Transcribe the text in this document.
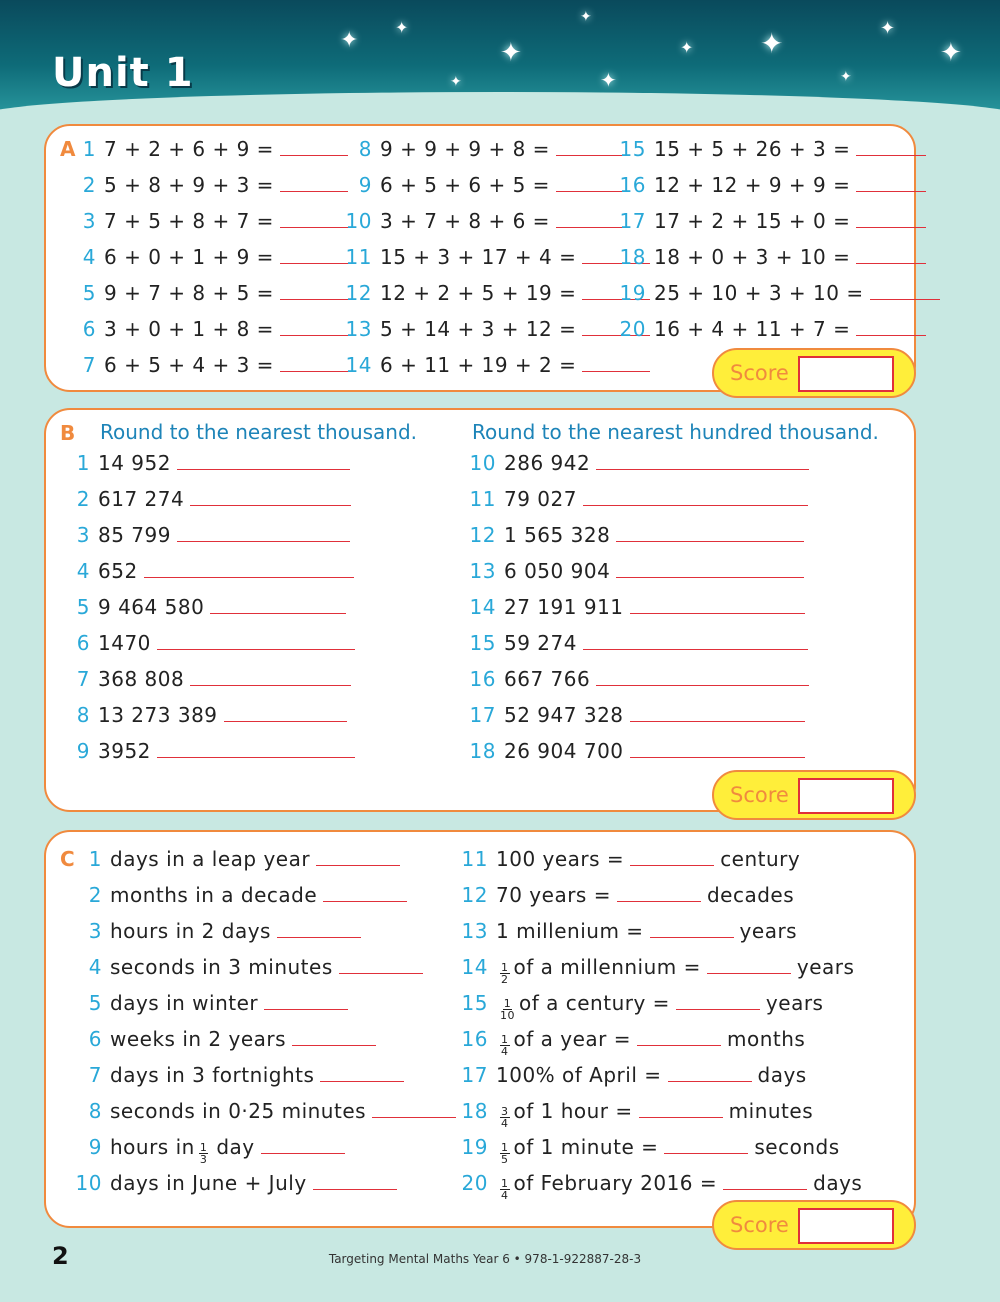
✦
✦
✦
✦
✦
✦ ✦	✦
✦
✦	✦
Unit 1
A 1 7 + 2 + 6 + 9 =
2 5 + 8 + 9 + 3 =
3 7 + 5 + 8 + 7 =
4 6 + 0 + 1 + 9 =
5 9 + 7 + 8 + 5 =
6 3 + 0 + 1 + 8 =
7 6 + 5 + 4 + 3 =
8 9 + 9 + 9 + 8 =
9 6 + 5 + 6 + 5 =
10 3 + 7 + 8 + 6 =
11 15 + 3 + 17 + 4 =
12 12 + 2 + 5 + 19 =
13 5 + 14 + 3 + 12 =
14 6 + 11 + 19 + 2 =
15 15 + 5 + 26 + 3 =
16 12 + 12 + 9 + 9 =
17 17 + 2 + 15 + 0 =
18 18 + 0 + 3 + 10 =
19 25 + 10 + 3 + 10 =
20 16 + 4 + 11 + 7 =
Score
B Round to the nearest thousand.	Round to the nearest hundred thousand.
1 14 952
2 617 274
3 85 799
4 652
5 9 464 580
6 1470
7 368 808
8 13 273 389
9 3952
10 286 942
11 79 027
12 1 565 328
13 6 050 904
14 27 191 911
15 59 274
16 667 766
17 52 947 328
18 26 904 700
Score
C 1 days in a leap year
2 months in a decade
3 hours in 2 days
4 seconds in 3 minutes
5 days in winter
6 weeks in 2 years
7 days in 3 fortnights
8 seconds in 0·25 minutes
9 hours in $\frac{1}{3}$ day
10 days in June + July
11 100 years =	century
12 70 years =	decades
13 1 millenium =	years
$14 \frac{1}{2}$ of a millennium =	years
$15 \frac{1}{10}$ of a century =	years
$16 \frac{1}{4}$ of a year =	months
17 100% of April =	days
$18 \frac{3}{4}$ of 1 hour =	minutes
$19 \frac{1}{5}$ of 1 minute =	seconds
$20 \frac{1}{4}$ of February 2016 =	days
Score
2	Targeting Mental Maths Year 6 • 978-1-922887-28-3
